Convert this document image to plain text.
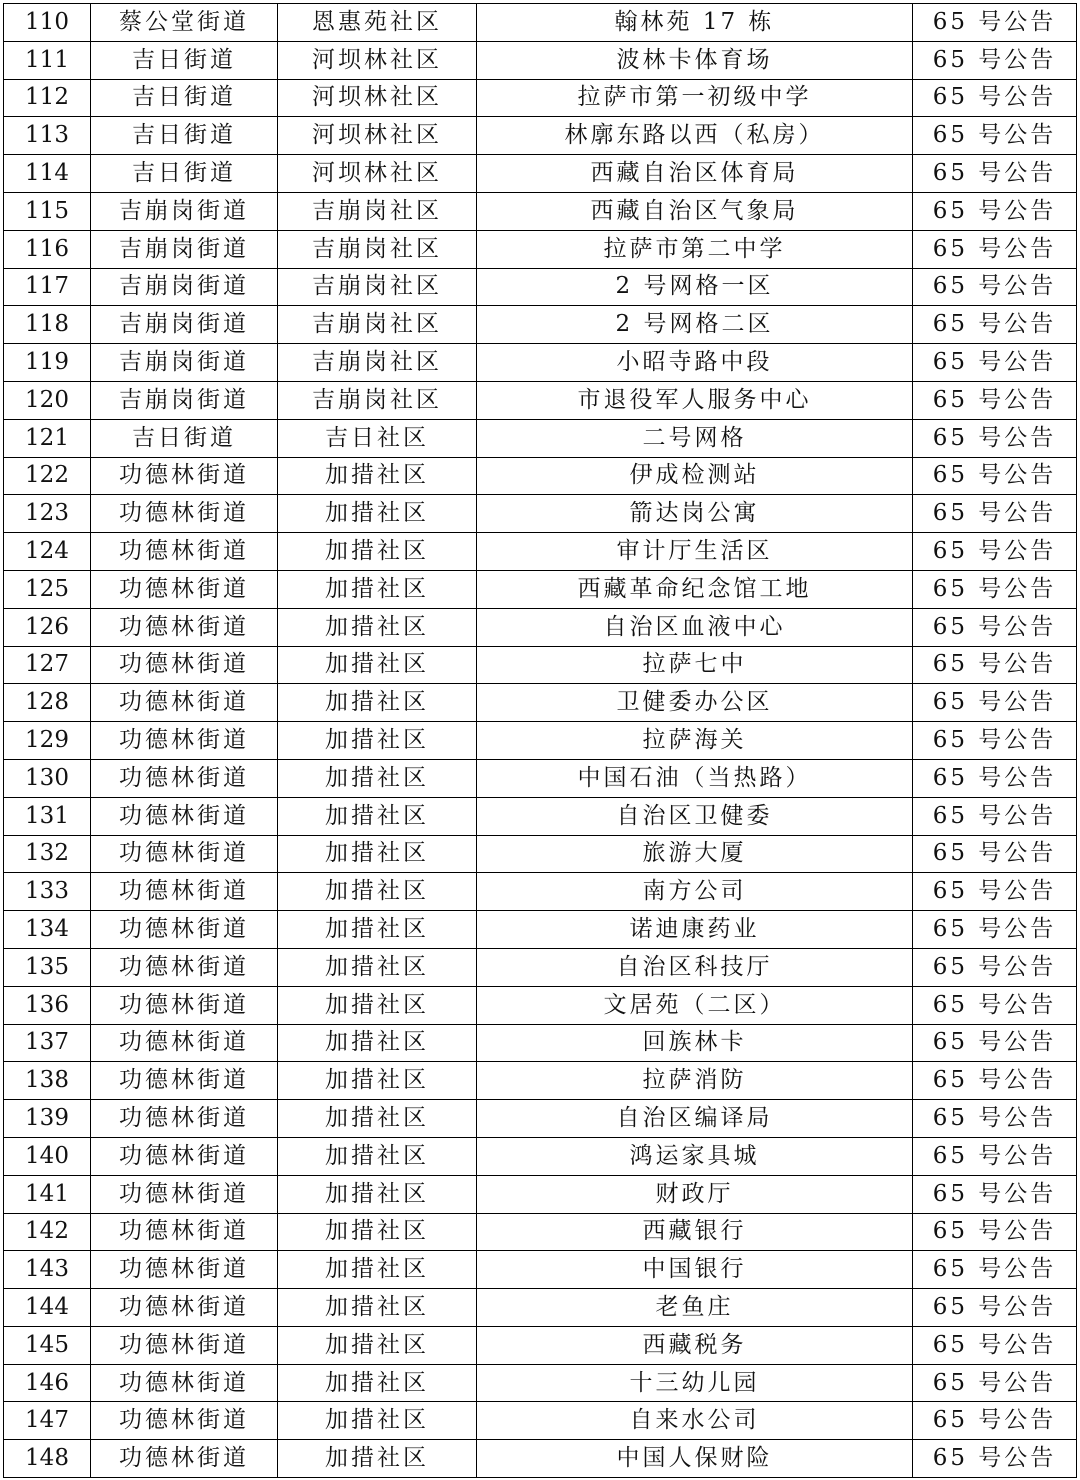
110	蔡公堂街道	恩惠苑社区	翰林苑 17 栋	65 号公告
111	吉日街道	河坝林社区	波林卡体育场	65 号公告
112	吉日街道	河坝林社区	拉萨市第一初级中学	65 号公告
113	吉日街道	河坝林社区	林廓东路以西（私房）	65 号公告
114	吉日街道	河坝林社区	西藏自治区体育局	65 号公告
115	吉崩岗街道	吉崩岗社区	西藏自治区气象局	65 号公告
116	吉崩岗街道	吉崩岗社区	拉萨市第二中学	65 号公告
117	吉崩岗街道	吉崩岗社区	2 号网格一区	65 号公告
118	吉崩岗街道	吉崩岗社区	2 号网格二区	65 号公告
119	吉崩岗街道	吉崩岗社区	小昭寺路中段	65 号公告
120	吉崩岗街道	吉崩岗社区	市退役军人服务中心	65 号公告
121	吉日街道	吉日社区	二号网格	65 号公告
122	功德林街道	加措社区	伊成检测站	65 号公告
123	功德林街道	加措社区	箭达岗公寓	65 号公告
124	功德林街道	加措社区	审计厅生活区	65 号公告
125	功德林街道	加措社区	西藏革命纪念馆工地	65 号公告
126	功德林街道	加措社区	自治区血液中心	65 号公告
127	功德林街道	加措社区	拉萨七中	65 号公告
128	功德林街道	加措社区	卫健委办公区	65 号公告
129	功德林街道	加措社区	拉萨海关	65 号公告
130	功德林街道	加措社区	中国石油（当热路）	65 号公告
131	功德林街道	加措社区	自治区卫健委	65 号公告
132	功德林街道	加措社区	旅游大厦	65 号公告
133	功德林街道	加措社区	南方公司	65 号公告
134	功德林街道	加措社区	诺迪康药业	65 号公告
135	功德林街道	加措社区	自治区科技厅	65 号公告
136	功德林街道	加措社区	文居苑（二区）	65 号公告
137	功德林街道	加措社区	回族林卡	65 号公告
138	功德林街道	加措社区	拉萨消防	65 号公告
139	功德林街道	加措社区	自治区编译局	65 号公告
140	功德林街道	加措社区	鸿运家具城	65 号公告
141	功德林街道	加措社区	财政厅	65 号公告
142	功德林街道	加措社区	西藏银行	65 号公告
143	功德林街道	加措社区	中国银行	65 号公告
144	功德林街道	加措社区	老鱼庄	65 号公告
145	功德林街道	加措社区	西藏税务	65 号公告
146	功德林街道	加措社区	十三幼儿园	65 号公告
147	功德林街道	加措社区	自来水公司	65 号公告
148	功德林街道	加措社区	中国人保财险	65 号公告
